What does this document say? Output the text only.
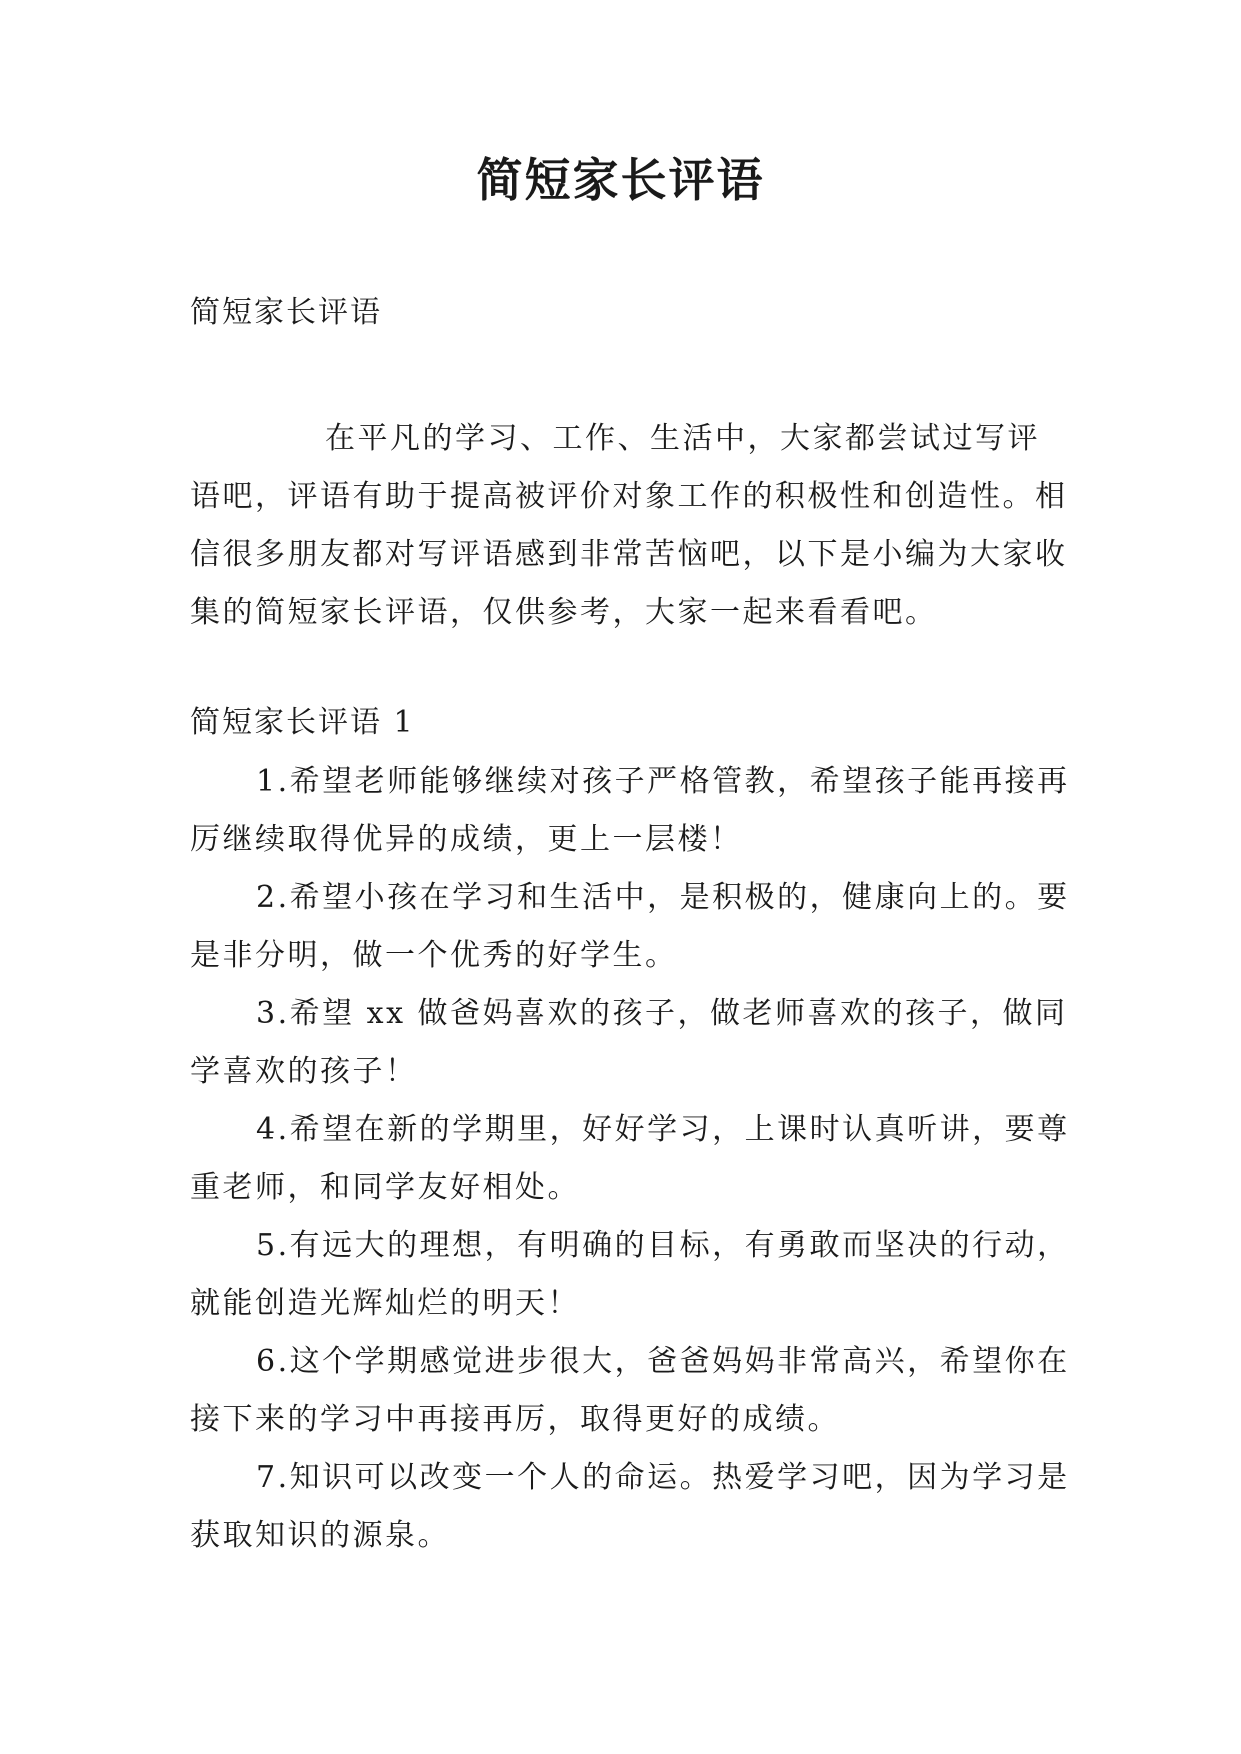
简短家长评语
简短家长评语

在平凡的学习、工作、生活中，大家都尝试过写评语吧，评语有助于提高被评价对象工作的积极性和创造性。相信很多朋友都对写评语感到非常苦恼吧，以下是小编为大家收集的简短家长评语，仅供参考，大家一起来看看吧。

简短家长评语 1

1.希望老师能够继续对孩子严格管教，希望孩子能再接再厉继续取得优异的成绩，更上一层楼！

2.希望小孩在学习和生活中，是积极的，健康向上的。要是非分明，做一个优秀的好学生。

3.希望 xx 做爸妈喜欢的孩子，做老师喜欢的孩子，做同学喜欢的孩子！

4.希望在新的学期里，好好学习，上课时认真听讲，要尊重老师，和同学友好相处。

5.有远大的理想，有明确的目标，有勇敢而坚决的行动，就能创造光辉灿烂的明天！

6.这个学期感觉进步很大，爸爸妈妈非常高兴，希望你在接下来的学习中再接再厉，取得更好的成绩。

7.知识可以改变一个人的命运。热爱学习吧，因为学习是获取知识的源泉。
